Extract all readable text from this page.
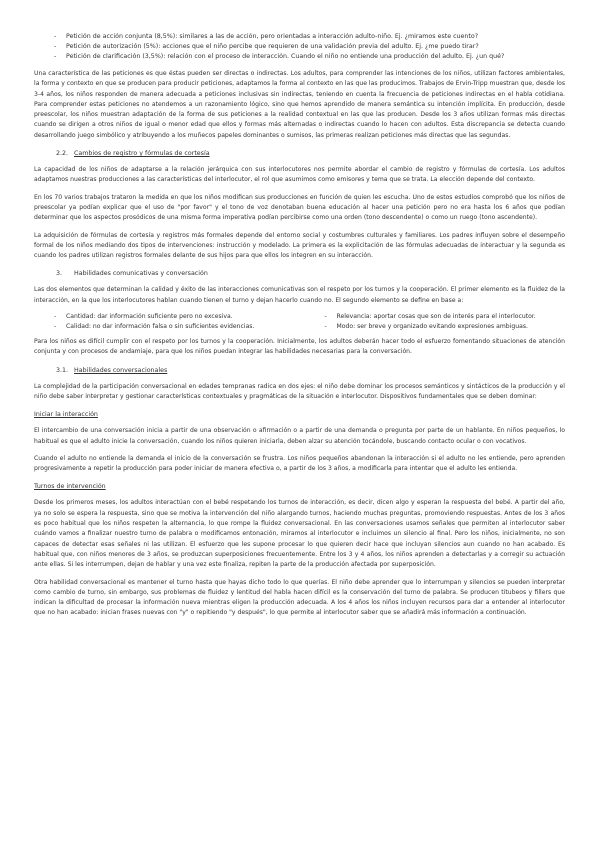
- Petición de acción conjunta (8,5%): similares a las de acción, pero orientadas a interacción adulto-niño. Ej. ¿miramos este cuento?

- Petición de autorización (5%): acciones que el niño percibe que requieren de una validación previa del adulto. Ej. ¿me puedo tirar?

- Petición de clarificación (3,5%): relación con el proceso de interacción. Cuando el niño no entiende una producción del adulto. Ej. ¿un qué?

Una característica de las peticiones es que éstas pueden ser directas o indirectas. Los adultos, para comprender las intenciones de los niños, utilizan factores ambientales, la forma y contexto en que se producen para producir peticiones, adaptamos la forma al contexto en las que las producimos. Trabajos de Ervin-Tripp muestran que, desde los 3-4 años, los niños responden de manera adecuada a peticiones inclusivas sin indirectas, teniendo en cuenta la frecuencia de peticiones indirectas en el habla cotidiana. Para comprender estas peticiones no atendemos a un razonamiento lógico, sino que hemos aprendido de manera semántica su intención implícita. En producción, desde preescolar, los niños muestran adaptación de la forma de sus peticiones a la realidad contextual en las que las producen. Desde los 3 años utilizan formas más directas cuando se dirigen a otros niños de igual o menor edad que ellos y formas más alternadas o indirectas cuando lo hacen con adultos. Esta discrepancia se detecta cuando desarrollando juego simbólico y atribuyendo a los muñecos papeles dominantes o sumisos, las primeras realizan peticiones más directas que las segundas.

2.2. Cambios de registro y fórmulas de cortesía

La capacidad de los niños de adaptarse a la relación jerárquica con sus interlocutores nos permite abordar el cambio de registro y fórmulas de cortesía. Los adultos adaptamos nuestras producciones a las características del interlocutor, el rol que asumimos como emisores y tema que se trata. La elección depende del contexto.

En los 70 varios trabajos trataron la medida en que los niños modifican sus producciones en función de quien les escucha. Uno de estos estudios comprobó que los niños de preescolar ya podían explicar que el uso de "por favor" y el tono de voz denotaban buena educación al hacer una petición pero no era hasta los 6 años que podían determinar que los aspectos prosódicos de una misma forma imperativa podían percibirse como una orden (tono descendente) o como un ruego (tono ascendente).

La adquisición de fórmulas de cortesía y registros más formales depende del entorno social y costumbres culturales y familiares. Los padres influyen sobre el desempeño formal de los niños mediando dos tipos de intervenciones: instrucción y modelado. La primera es la explicitación de las fórmulas adecuadas de interactuar y la segunda es cuando los padres utilizan registros formales delante de sus hijos para que ellos los integren en su interacción.

3. Habilidades comunicativas y conversación

Las dos elementos que determinan la calidad y éxito de las interacciones comunicativas son el respeto por los turnos y la cooperación. El primer elemento es la fluidez de la interacción, en la que los interlocutores hablan cuando tienen el turno y dejan hacerlo cuando no. El segundo elemento se define en base a:

- Cantidad: dar información suficiente pero no excesiva.	- Relevancia: aportar cosas que son de interés para el interlocutor.

- Calidad: no dar información falsa o sin suficientes evidencias.	- Modo: ser breve y organizado evitando expresiones ambiguas.

Para los niños es difícil cumplir con el respeto por los turnos y la cooperación. Inicialmente, los adultos deberán hacer todo el esfuerzo fomentando situaciones de atención conjunta y con procesos de andamiaje, para que los niños puedan integrar las habilidades necesarias para la conversación.

3.1. Habilidades conversacionales

La complejidad de la participación conversacional en edades tempranas radica en dos ejes: el niño debe dominar los procesos semánticos y sintácticos de la producción y el niño debe saber interpretar y gestionar características contextuales y pragmáticas de la situación e interlocutor. Dispositivos fundamentales que se deben dominar:

Iniciar la interacción

El intercambio de una conversación inicia a partir de una observación o afirmación o a partir de una demanda o pregunta por parte de un hablante. En niños pequeños, lo habitual es que el adulto inicie la conversación, cuando los niños quieren iniciarla, deben alzar su atención tocándole, buscando contacto ocular o con vocativos.

Cuando el adulto no entiende la demanda el inicio de la conversación se frustra. Los niños pequeños abandonan la interacción si el adulto no les entiende, pero aprenden progresivamente a repetir la producción para poder iniciar de manera efectiva o, a partir de los 3 años, a modificarla para intentar que el adulto les entienda.

Turnos de intervención

Desde los primeros meses, los adultos interactúan con el bebé respetando los turnos de interacción, es decir, dicen algo y esperan la respuesta del bebé. A partir del año, ya no solo se espera la respuesta, sino que se motiva la intervención del niño alargando turnos, haciendo muchas preguntas, promoviendo respuestas. Antes de los 3 años es poco habitual que los niños respeten la alternancia, lo que rompe la fluidez conversacional. En las conversaciones usamos señales que permiten al interlocutor saber cuándo vamos a finalizar nuestro turno de palabra o modificamos entonación, miramos al interlocutor e incluimos un silencio al final. Pero los niños, inicialmente, no son capaces de detectar esas señales ni las utilizan. El esfuerzo que les supone procesar lo que quieren decir hace que incluyan silencios aun cuando no han acabado. Es habitual que, con niños menores de 3 años, se produzcan superposiciones frecuentemente. Entre los 3 y 4 años, los niños aprenden a detectarlas y a corregir su actuación ante ellas. Si les interrumpen, dejan de hablar y una vez este finaliza, repiten la parte de la producción afectada por superposición.

Otra habilidad conversacional es mantener el turno hasta que hayas dicho todo lo que querías. El niño debe aprender que lo interrumpan y silencios se pueden interpretar como cambio de turno, sin embargo, sus problemas de fluidez y lentitud del habla hacen difícil es la conservación del turno de palabra. Se producen titubeos y fillers que indican la dificultad de procesar la información nueva mientras eligen la producción adecuada. A los 4 años los niños incluyen recursos para dar a entender al interlocutor que no han acabado: inician frases nuevas con "y" o repitiendo "y después", lo que permite al interlocutor saber que se añadirá más información a continuación.
